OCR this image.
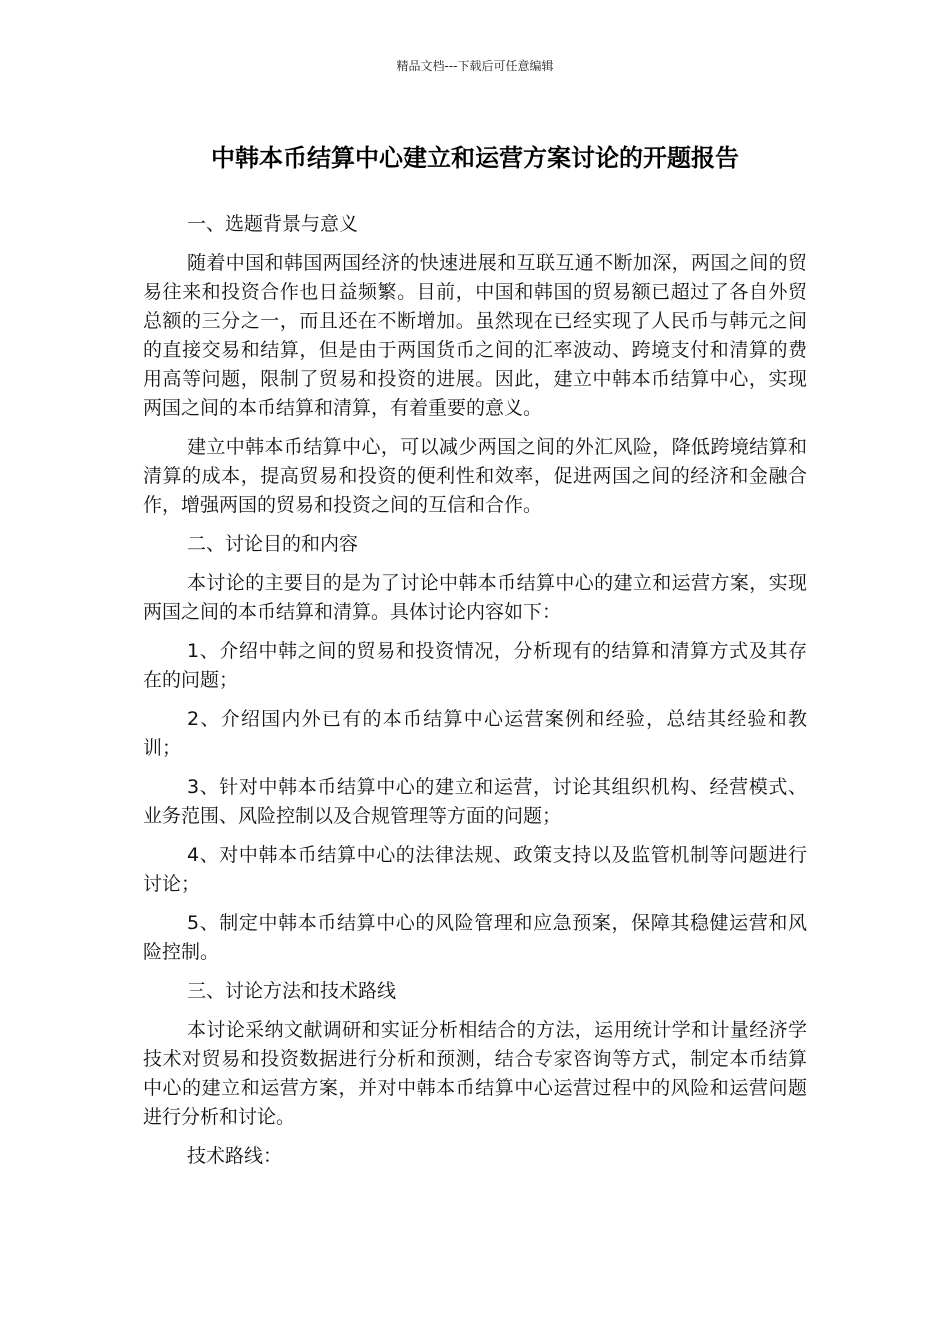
精品文档---下载后可任意编辑
中韩本币结算中心建立和运营方案讨论的开题报告

一、选题背景与意义

随着中国和韩国两国经济的快速进展和互联互通不断加深，两国之间的贸易往来和投资合作也日益频繁。目前，中国和韩国的贸易额已超过了各自外贸总额的三分之一，而且还在不断增加。虽然现在已经实现了人民币与韩元之间的直接交易和结算，但是由于两国货币之间的汇率波动、跨境支付和清算的费用高等问题，限制了贸易和投资的进展。因此，建立中韩本币结算中心，实现两国之间的本币结算和清算，有着重要的意义。

建立中韩本币结算中心，可以减少两国之间的外汇风险，降低跨境结算和清算的成本，提高贸易和投资的便利性和效率，促进两国之间的经济和金融合作，增强两国的贸易和投资之间的互信和合作。

二、讨论目的和内容

本讨论的主要目的是为了讨论中韩本币结算中心的建立和运营方案，实现两国之间的本币结算和清算。具体讨论内容如下：

1、介绍中韩之间的贸易和投资情况，分析现有的结算和清算方式及其存在的问题；

2、介绍国内外已有的本币结算中心运营案例和经验，总结其经验和教训；

3、针对中韩本币结算中心的建立和运营，讨论其组织机构、经营模式、业务范围、风险控制以及合规管理等方面的问题；

4、对中韩本币结算中心的法律法规、政策支持以及监管机制等问题进行讨论；

5、制定中韩本币结算中心的风险管理和应急预案，保障其稳健运营和风险控制。

三、讨论方法和技术路线

本讨论采纳文献调研和实证分析相结合的方法，运用统计学和计量经济学技术对贸易和投资数据进行分析和预测，结合专家咨询等方式，制定本币结算中心的建立和运营方案，并对中韩本币结算中心运营过程中的风险和运营问题进行分析和讨论。

技术路线：
